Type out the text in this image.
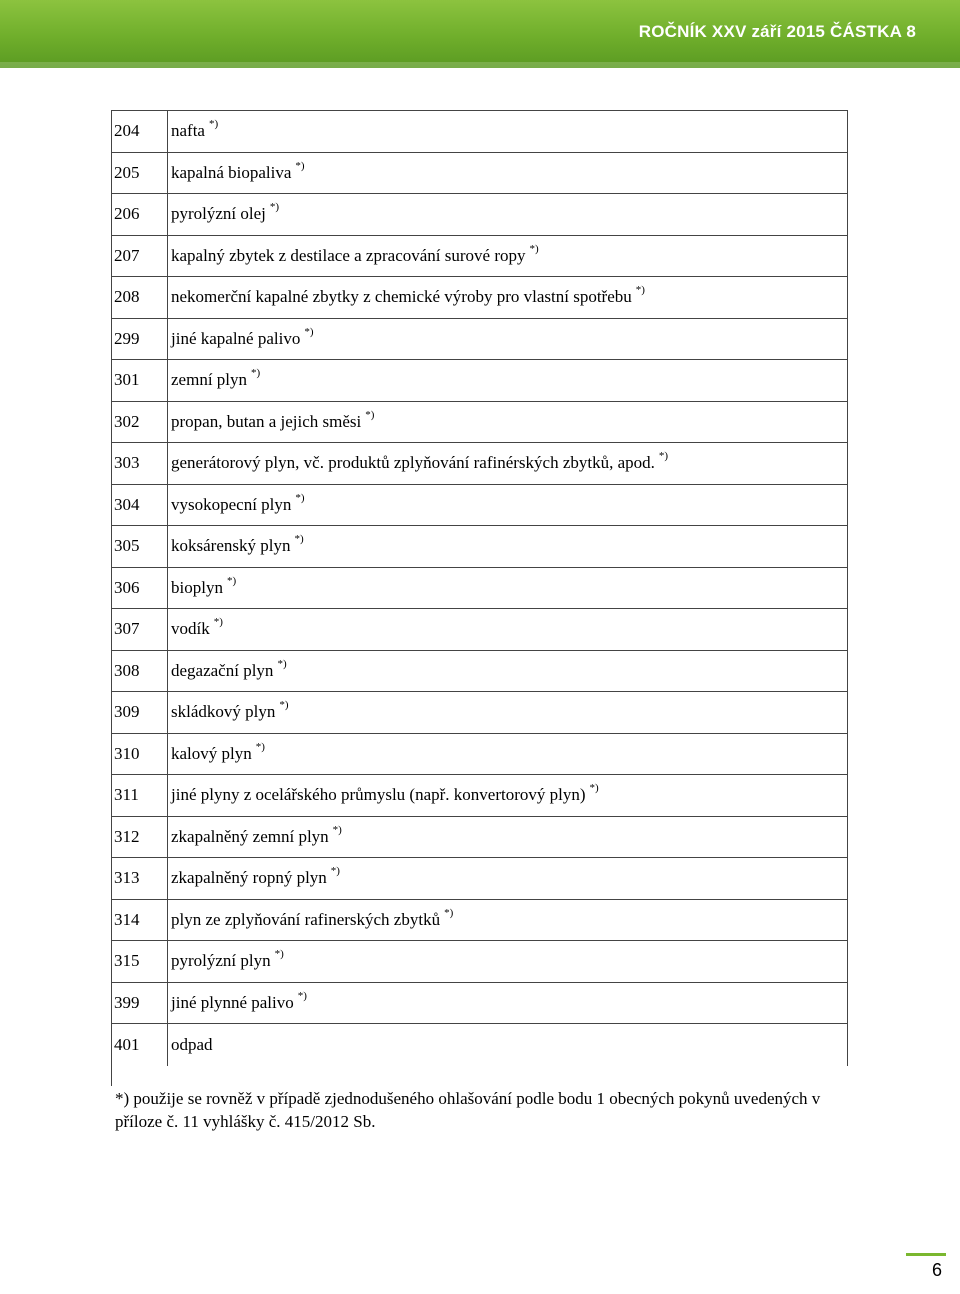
ROČNÍK XXV září 2015 ČÁSTKA 8
204	nafta *)
205	kapalná biopaliva *)
206	pyrolýzní olej *)
207	kapalný zbytek z destilace a zpracování surové ropy *)
208	nekomerční kapalné zbytky z chemické výroby pro vlastní spotřebu *)
299	jiné kapalné palivo *)
301	zemní plyn *)
302	propan, butan a jejich směsi *)
303	generátorový plyn, vč. produktů zplyňování rafinérských zbytků, apod. *)
304	vysokopecní plyn *)
305	koksárenský plyn *)
306	bioplyn *)
307	vodík *)
308	degazační plyn *)
309	skládkový plyn *)
310	kalový plyn *)
311	jiné plyny z ocelářského průmyslu (např. konvertorový plyn) *)
312	zkapalněný zemní plyn *)
313	zkapalněný ropný plyn *)
314	plyn ze zplyňování rafinerských zbytků *)
315	pyrolýzní plyn *)
399	jiné plynné palivo *)
401	odpad
*) použije se rovněž v případě zjednodušeného ohlašování podle bodu 1 obecných pokynů uvedených v příloze č. 11 vyhlášky č. 415/2012 Sb.
6
